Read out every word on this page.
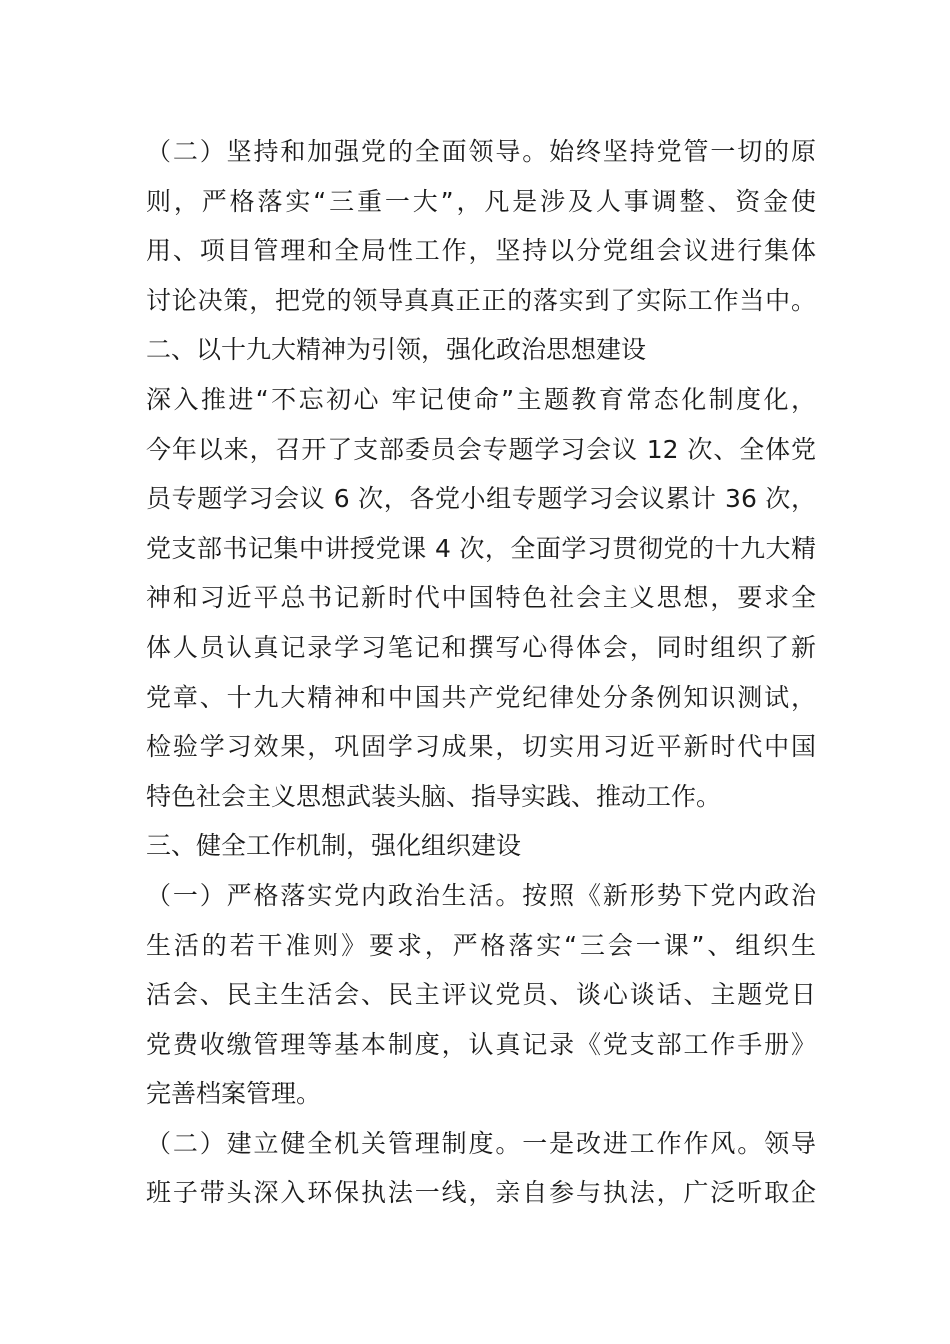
（二）坚持和加强党的全面领导。始终坚持党管一切的原
则，严格落实“三重一大”，凡是涉及人事调整、资金使
用、项目管理和全局性工作，坚持以分党组会议进行集体
讨论决策，把党的领导真真正正的落实到了实际工作当中。
二、以十九大精神为引领，强化政治思想建设
深入推进“不忘初心 牢记使命”主题教育常态化制度化，
今年以来，召开了支部委员会专题学习会议 12 次、全体党
员专题学习会议 6 次，各党小组专题学习会议累计 36 次，
党支部书记集中讲授党课 4 次，全面学习贯彻党的十九大精
神和习近平总书记新时代中国特色社会主义思想，要求全
体人员认真记录学习笔记和撰写心得体会，同时组织了新
党章、十九大精神和中国共产党纪律处分条例知识测试，
检验学习效果，巩固学习成果，切实用习近平新时代中国
特色社会主义思想武装头脑、指导实践、推动工作。
三、健全工作机制，强化组织建设
（一）严格落实党内政治生活。按照《新形势下党内政治
生活的若干准则》要求，严格落实“三会一课”、组织生
活会、民主生活会、民主评议党员、谈心谈话、主题党日
党费收缴管理等基本制度，认真记录《党支部工作手册》
完善档案管理。
（二）建立健全机关管理制度。一是改进工作作风。领导
班子带头深入环保执法一线，亲自参与执法，广泛听取企
